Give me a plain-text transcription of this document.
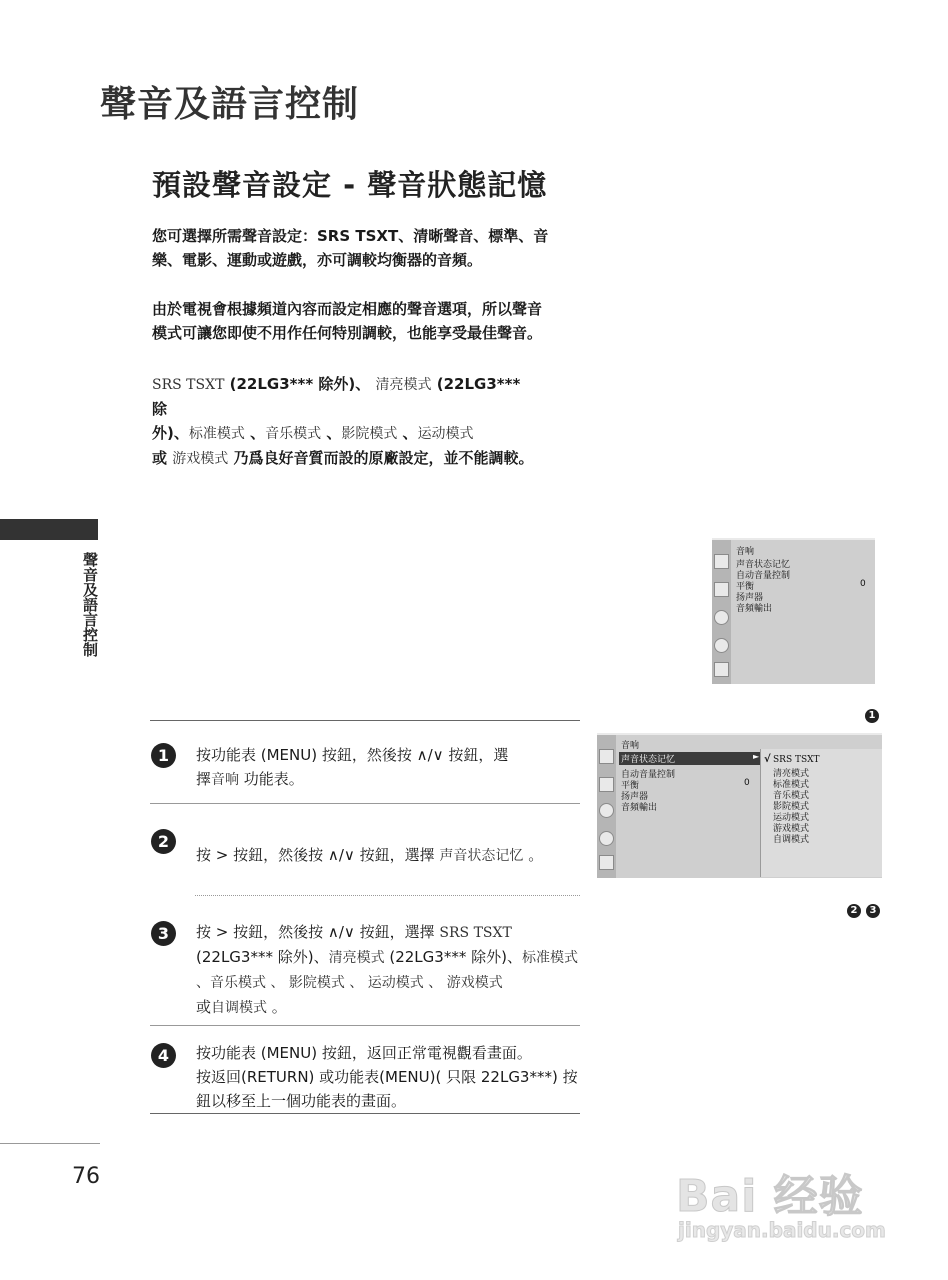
聲音及語言控制
預設聲音設定 - 聲音狀態記憶
您可選擇所需聲音設定：SRS TSXT、清晰聲音、標準、音
樂、電影、運動或遊戲，亦可調較均衡器的音頻。
由於電視會根據頻道內容而設定相應的聲音選項，所以聲音
模式可讓您即使不用作任何特別調較，也能享受最佳聲音。
SRS TSXT (22LG3*** 除外)、 清亮模式 (22LG3*** 除
外)、标准模式 、音乐模式 、影院模式 、运动模式
或 游戏模式 乃爲良好音質而設的原廠設定，並不能調較。
聲音及語言控制	音响
声音状态记忆
自动音量控制
平衡	0
扬声器
音頻輸出
1
音响
声音状态记忆	►
自动音量控制
平衡	0
扬声器
音頻輸出
√ SRS TSXT
清亮模式
标准模式
音乐模式
影院模式
运动模式
游戏模式
自调模式
2	3
1	按功能表 (MENU) 按鈕，然後按 ∧/∨ 按鈕，選
擇音响 功能表。
2
按 > 按鈕，然後按 ∧/∨ 按鈕，選擇 声音状态记忆 。
3	按 > 按鈕，然後按 ∧/∨ 按鈕，選擇 SRS TSXT
(22LG3*** 除外)、清亮模式 (22LG3*** 除外)、标准模式
、音乐模式 、 影院模式 、 运动模式 、 游戏模式
或自调模式 。
4	按功能表 (MENU) 按鈕，返回正常電視觀看畫面。
按返回(RETURN) 或功能表(MENU)( 只限 22LG3***) 按
鈕以移至上一個功能表的畫面。
76	Bai 经验
jingyan.baidu.com
